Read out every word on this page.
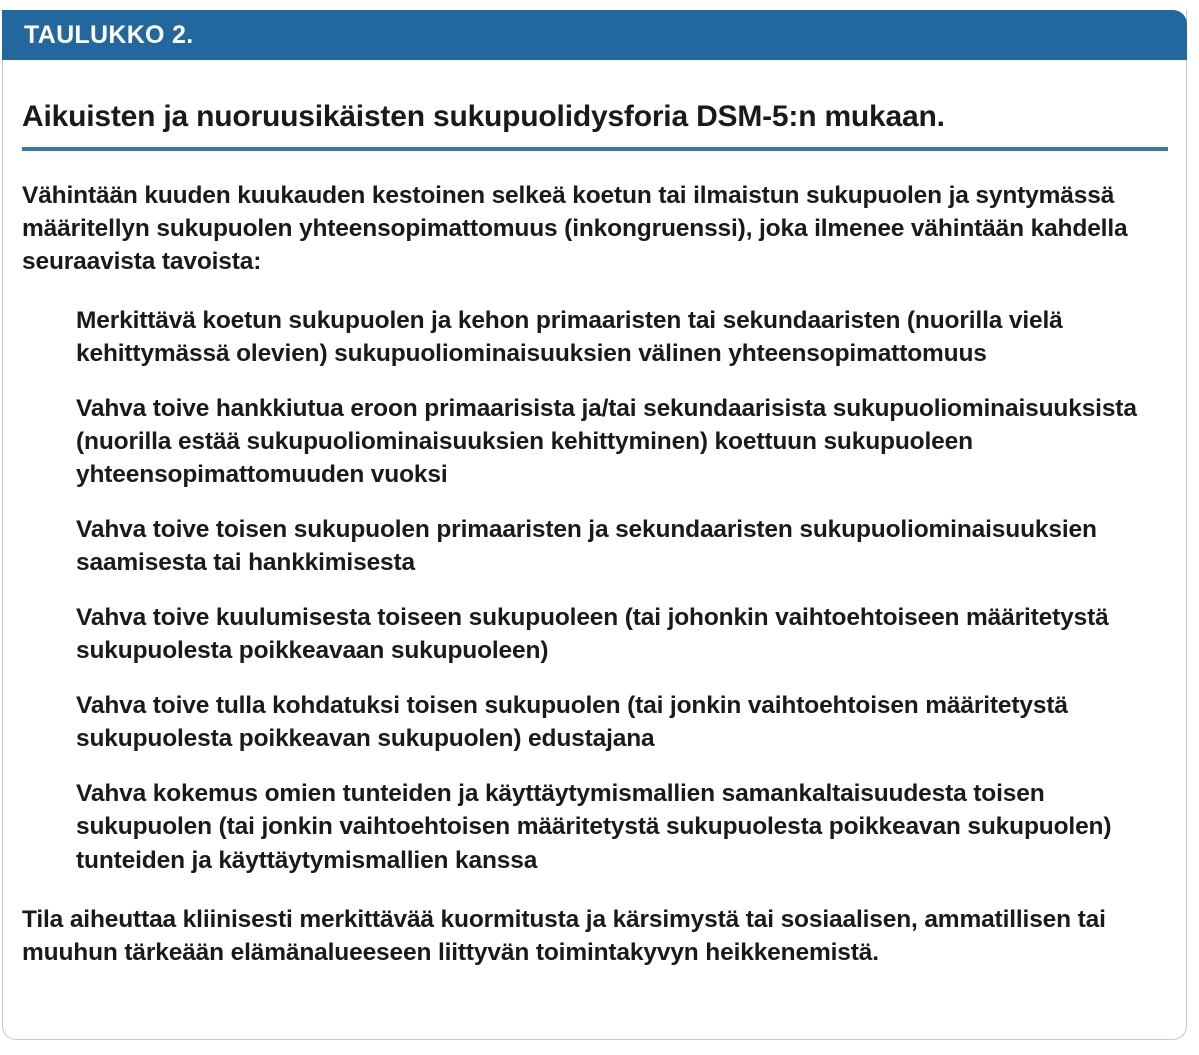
TAULUKKO 2.
Aikuisten ja nuoruusikäisten sukupuolidysforia DSM-5:n mukaan.

Vähintään kuuden kuukauden kestoinen selkeä koetun tai ilmaistun sukupuolen ja syntymässä määritellyn sukupuolen yhteensopimattomuus (inkongruenssi), joka ilmenee vähintään kahdella seuraavista tavoista:

Merkittävä koetun sukupuolen ja kehon primaaristen tai sekundaaristen (nuorilla vielä kehittymässä olevien) sukupuoliominaisuuksien välinen yhteensopimattomuus
Vahva toive hankkiutua eroon primaarisista ja/tai sekundaarisista sukupuoliominaisuuksista (nuorilla estää sukupuoliominaisuuksien kehittyminen) koettuun sukupuoleen yhteensopimattomuuden vuoksi
Vahva toive toisen sukupuolen primaaristen ja sekundaaristen sukupuoliominaisuuksien saamisesta tai hankkimisesta
Vahva toive kuulumisesta toiseen sukupuoleen (tai johonkin vaihtoehtoiseen määritetystä sukupuolesta poikkeavaan sukupuoleen)
Vahva toive tulla kohdatuksi toisen sukupuolen (tai jonkin vaihtoehtoisen määritetystä sukupuolesta poikkeavan sukupuolen) edustajana
Vahva kokemus omien tunteiden ja käyttäytymismallien samankaltaisuudesta toisen sukupuolen (tai jonkin vaihtoehtoisen määritetystä sukupuolesta poikkeavan sukupuolen) tunteiden ja käyttäytymismallien kanssa

Tila aiheuttaa kliinisesti merkittävää kuormitusta ja kärsimystä tai sosiaalisen, ammatillisen tai muuhun tärkeään elämänalueeseen liittyvän toimintakyvyn heikkenemistä.
